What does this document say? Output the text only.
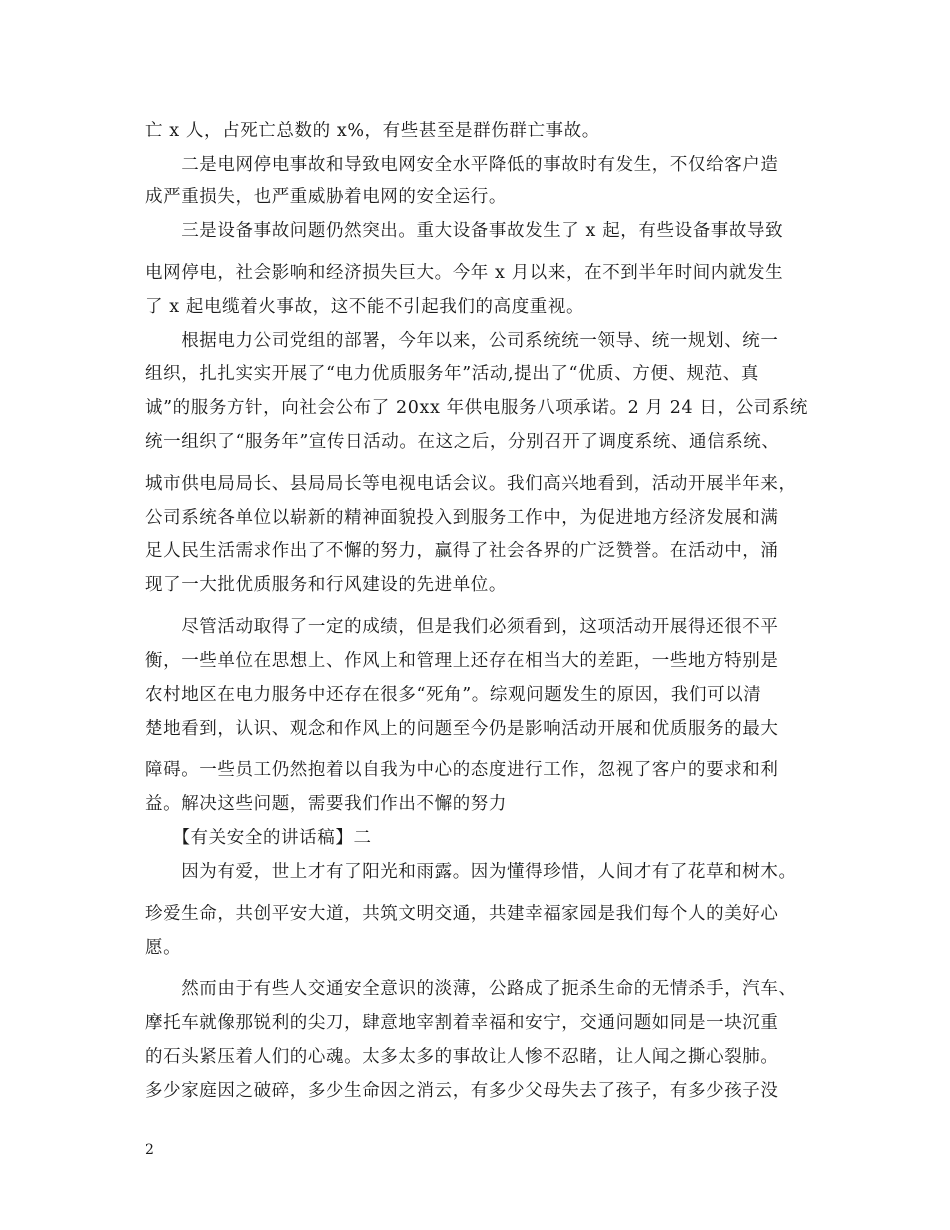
亡 x 人，占死亡总数的 x%，有些甚至是群伤群亡事故。
　　二是电网停电事故和导致电网安全水平降低的事故时有发生，不仅给客户造
成严重损失，也严重威胁着电网的安全运行。
　　三是设备事故问题仍然突出。重大设备事故发生了 x 起，有些设备事故导致
电网停电，社会影响和经济损失巨大。今年 x 月以来，在不到半年时间内就发生
了 x 起电缆着火事故，这不能不引起我们的高度重视。
　　根据电力公司党组的部署，今年以来，公司系统统一领导、统一规划、统一
组织，扎扎实实开展了“电力优质服务年”活动,提出了“优质、方便、规范、真
诚”的服务方针，向社会公布了 20xx 年供电服务八项承诺。2 月 24 日，公司系统
统一组织了“服务年”宣传日活动。在这之后，分别召开了调度系统、通信系统、
城市供电局局长、县局局长等电视电话会议。我们高兴地看到，活动开展半年来，
公司系统各单位以崭新的精神面貌投入到服务工作中，为促进地方经济发展和满
足人民生活需求作出了不懈的努力，赢得了社会各界的广泛赞誉。在活动中，涌
现了一大批优质服务和行风建设的先进单位。
　　尽管活动取得了一定的成绩，但是我们必须看到，这项活动开展得还很不平
衡，一些单位在思想上、作风上和管理上还存在相当大的差距，一些地方特别是
农村地区在电力服务中还存在很多“死角”。综观问题发生的原因，我们可以清
楚地看到，认识、观念和作风上的问题至今仍是影响活动开展和优质服务的最大
障碍。一些员工仍然抱着以自我为中心的态度进行工作，忽视了客户的要求和利
益。解决这些问题，需要我们作出不懈的努力
　　【有关安全的讲话稿】二
　　因为有爱，世上才有了阳光和雨露。因为懂得珍惜，人间才有了花草和树木。
珍爱生命，共创平安大道，共筑文明交通，共建幸福家园是我们每个人的美好心
愿。
　　然而由于有些人交通安全意识的淡薄，公路成了扼杀生命的无情杀手，汽车、
摩托车就像那锐利的尖刀，肆意地宰割着幸福和安宁，交通问题如同是一块沉重
的石头紧压着人们的心魂。太多太多的事故让人惨不忍睹，让人闻之撕心裂肺。
多少家庭因之破碎，多少生命因之消云，有多少父母失去了孩子，有多少孩子没
2
